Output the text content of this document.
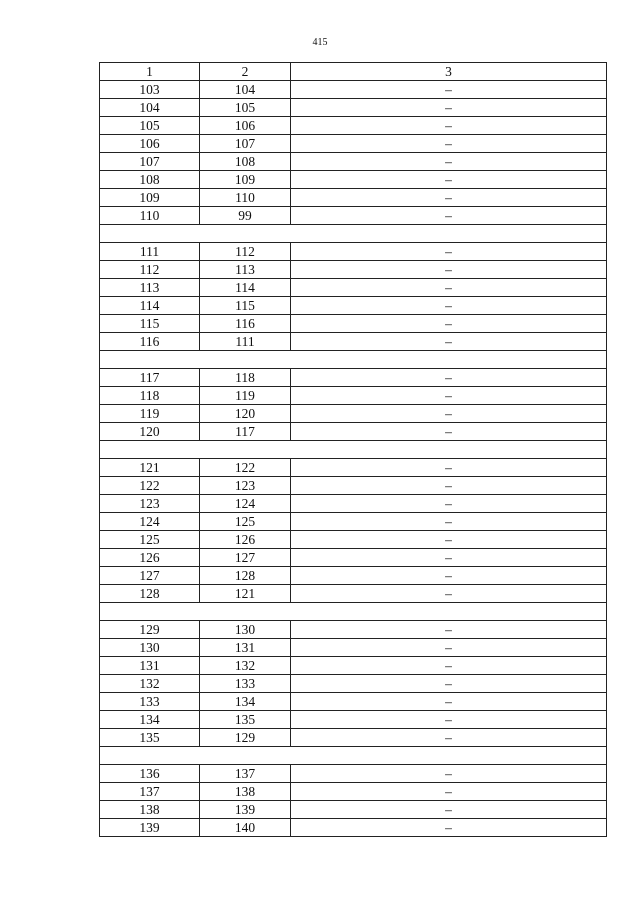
415
1	2	3
103	104	–
104	105	–
105	106	–
106	107	–
107	108	–
108	109	–
109	110	–
110	99	–

111	112	–
112	113	–
113	114	–
114	115	–
115	116	–
116	111	–

117	118	–
118	119	–
119	120	–
120	117	–

121	122	–
122	123	–
123	124	–
124	125	–
125	126	–
126	127	–
127	128	–
128	121	–

129	130	–
130	131	–
131	132	–
132	133	–
133	134	–
134	135	–
135	129	–

136	137	–
137	138	–
138	139	–
139	140	–
